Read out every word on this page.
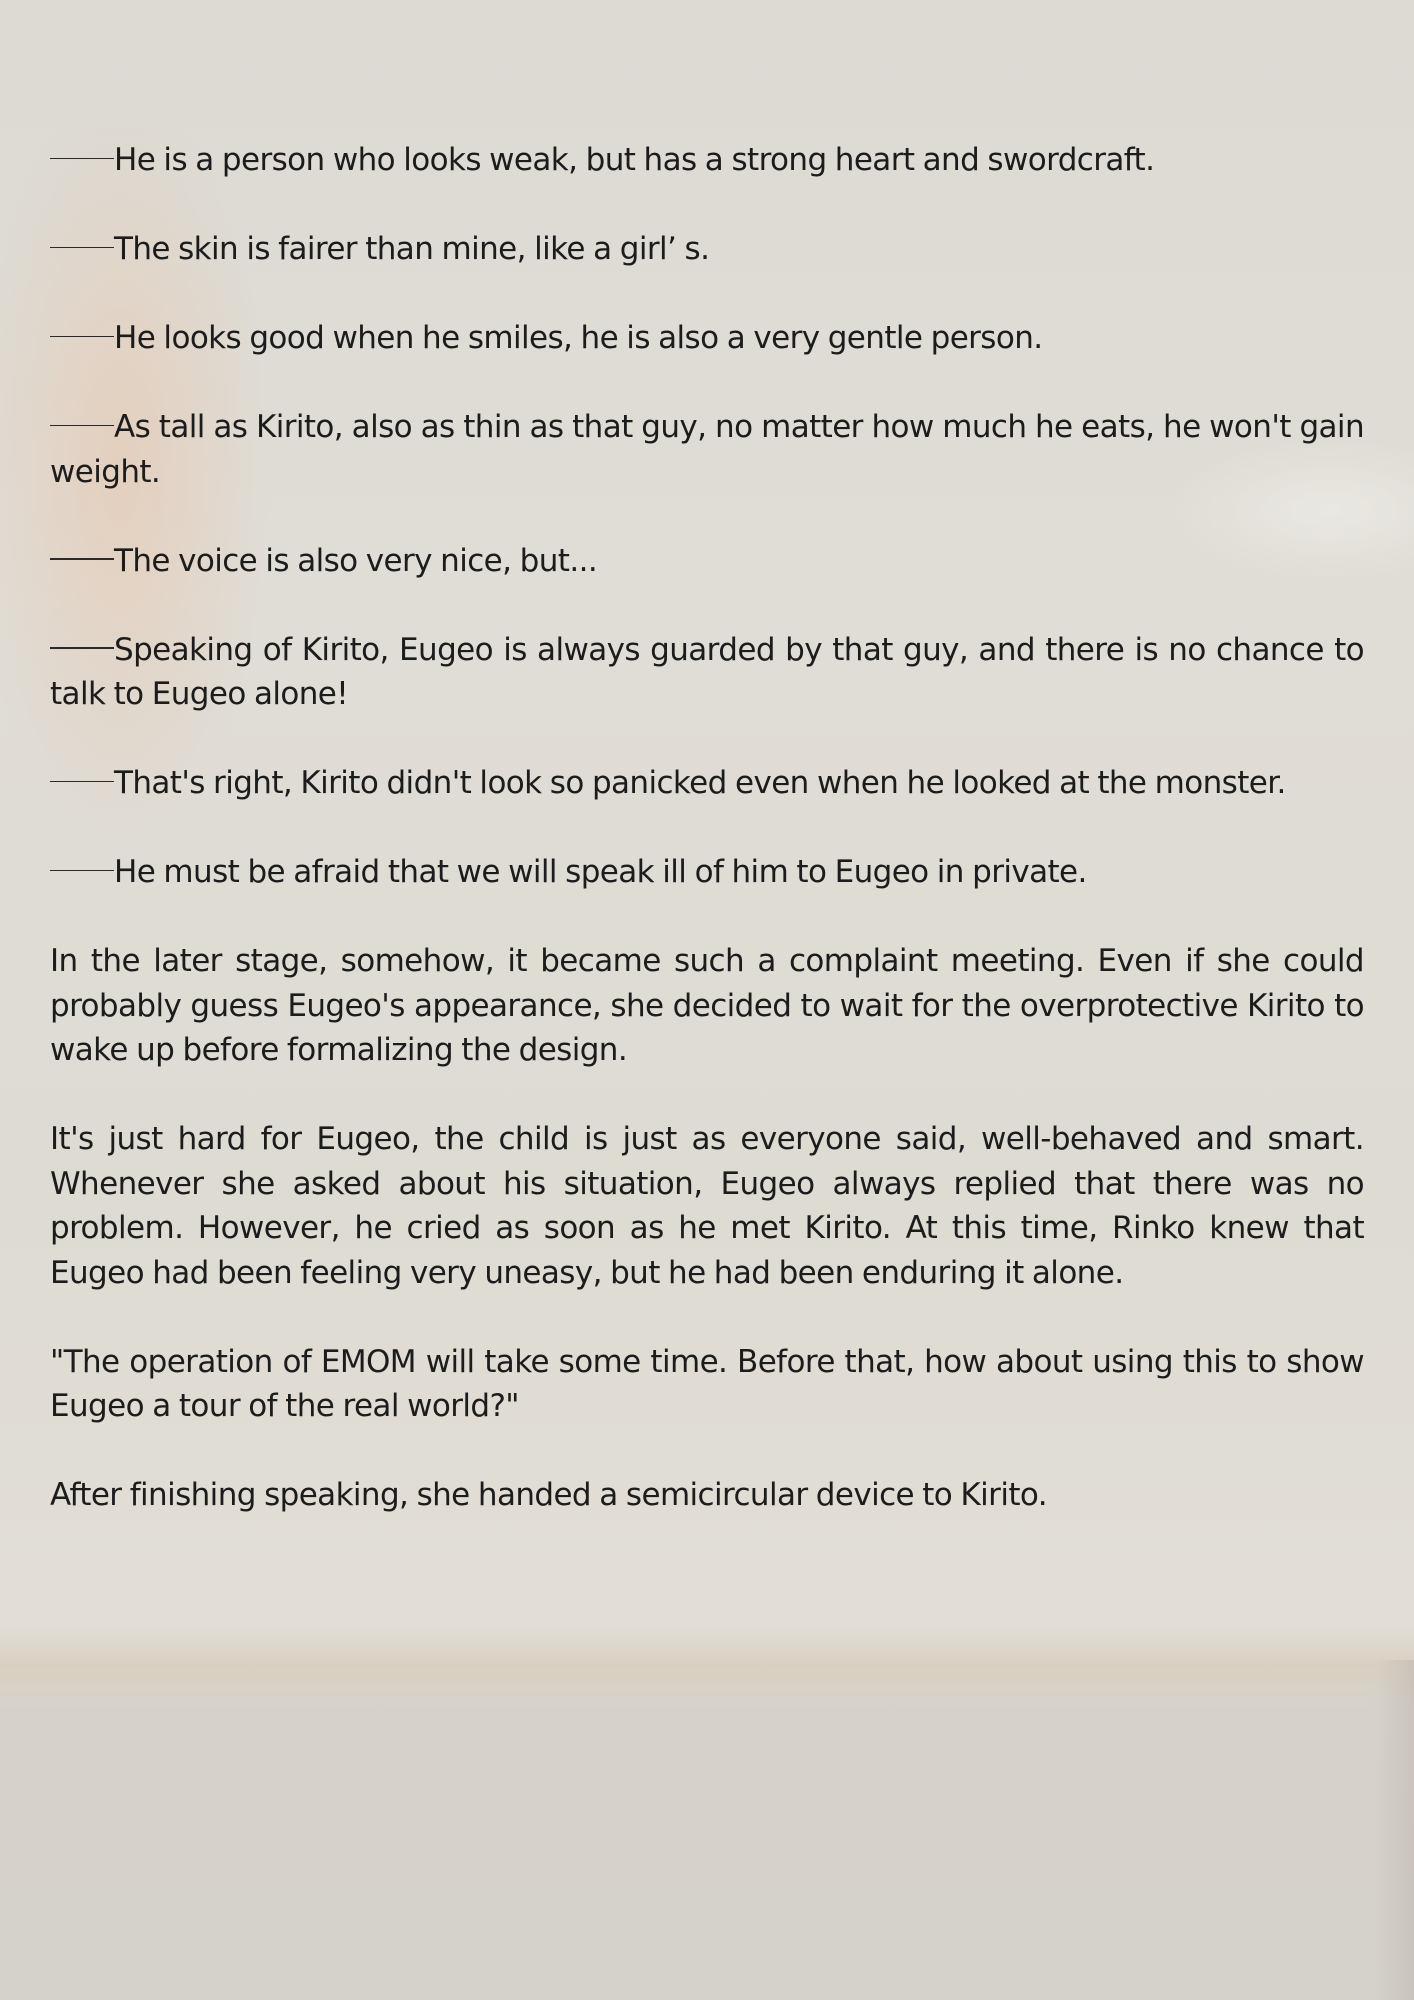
He is a person who looks weak, but has a strong heart and swordcraft.

The skin is fairer than mine, like a girl’ s.

He looks good when he smiles, he is also a very gentle person.

As tall as Kirito, also as thin as that guy, no matter how much he eats, he won't gain weight.

The voice is also very nice, but...

Speaking of Kirito, Eugeo is always guarded by that guy, and there is no chance to talk to Eugeo alone!

That's right, Kirito didn't look so panicked even when he looked at the monster.

He must be afraid that we will speak ill of him to Eugeo in private.

In the later stage, somehow, it became such a complaint meeting. Even if she could probably guess Eugeo's appearance, she decided to wait for the overprotective Kirito to wake up before formalizing the design.

It's just hard for Eugeo, the child is just as everyone said, well-behaved and smart. Whenever she asked about his situation, Eugeo always replied that there was no problem. However, he cried as soon as he met Kirito. At this time, Rinko knew that Eugeo had been feeling very uneasy, but he had been enduring it alone.

"The operation of EMOM will take some time. Before that, how about using this to show Eugeo a tour of the real world?"

After finishing speaking, she handed a semicircular device to Kirito.
